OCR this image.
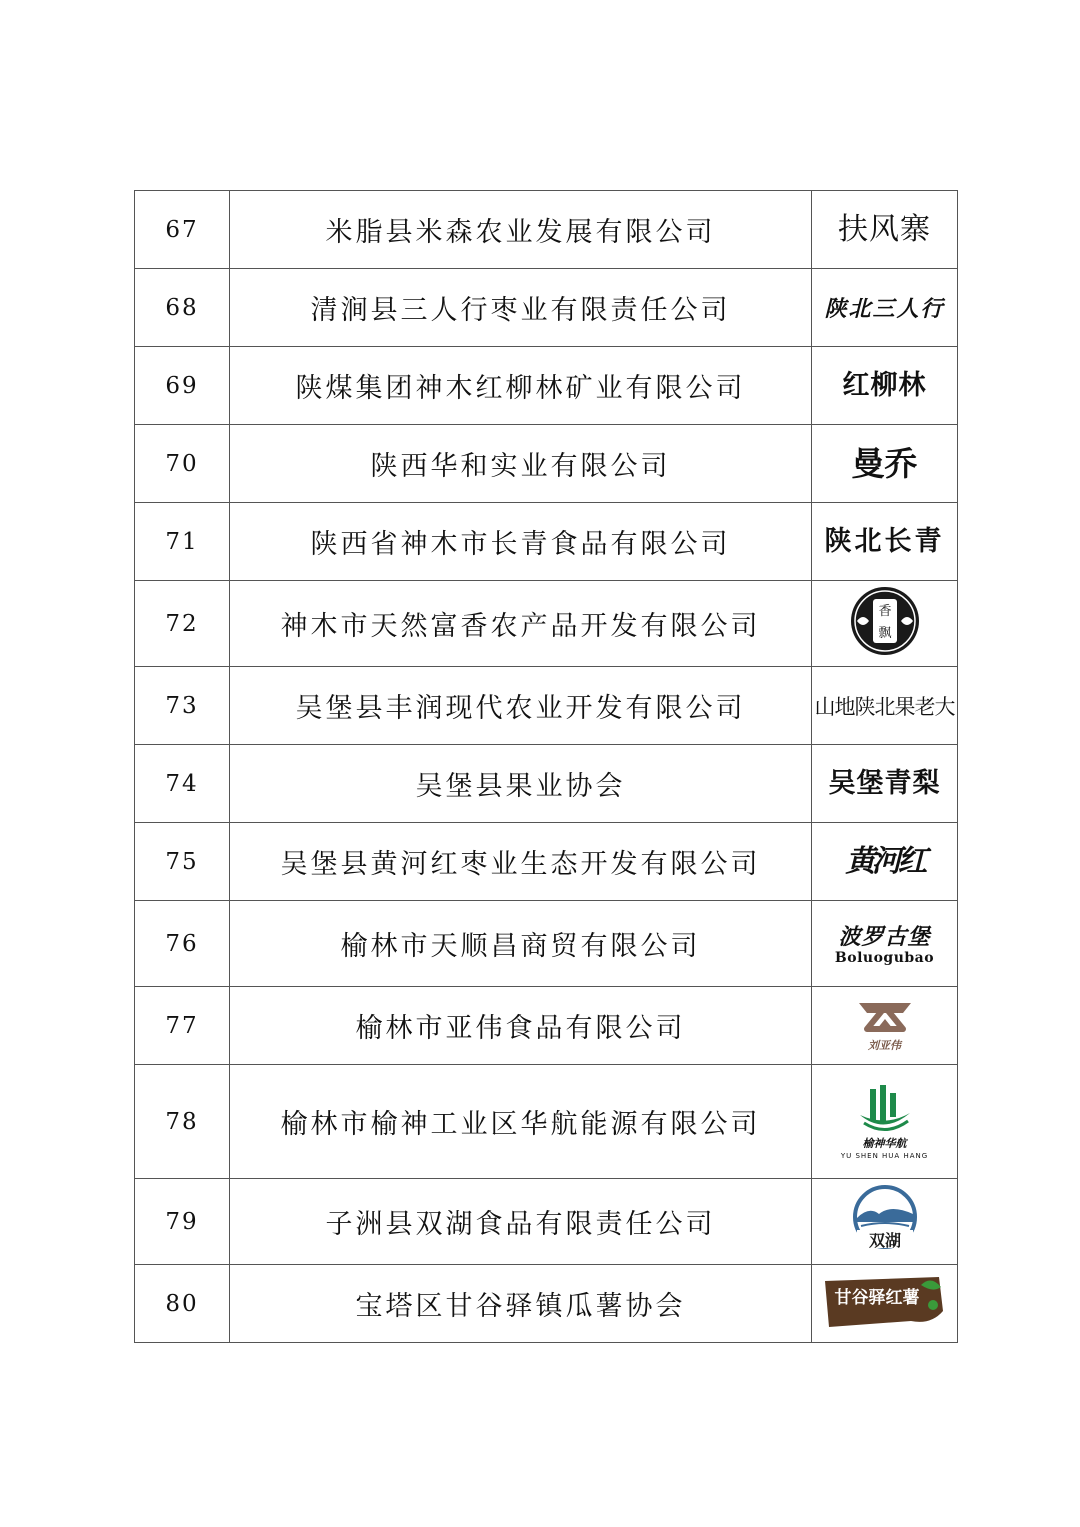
67	米脂县米森农业发展有限公司	扶风寨
68	清涧县三人行枣业有限责任公司	陕北三人行
69	陕煤集团神木红柳林矿业有限公司	红柳林
70	陕西华和实业有限公司	曼乔
71	陕西省神木市长青食品有限公司	陕北长青
72	神木市天然富香农产品开发有限公司	香
飘

73	吴堡县丰润现代农业开发有限公司	山地陕北果老大
74	吴堡县果业协会	吴堡青梨
75	吴堡县黄河红枣业生态开发有限公司	黄河红
76	榆林市天顺昌商贸有限公司	波罗古堡
Boluogubao

77	榆林市亚伟食品有限公司	刘亚伟

78	榆林市榆神工业区华航能源有限公司	榆神华航
YU SHEN HUA HANG

79	子洲县双湖食品有限责任公司	双湖

80	宝塔区甘谷驿镇瓜薯协会	甘谷驿红薯
